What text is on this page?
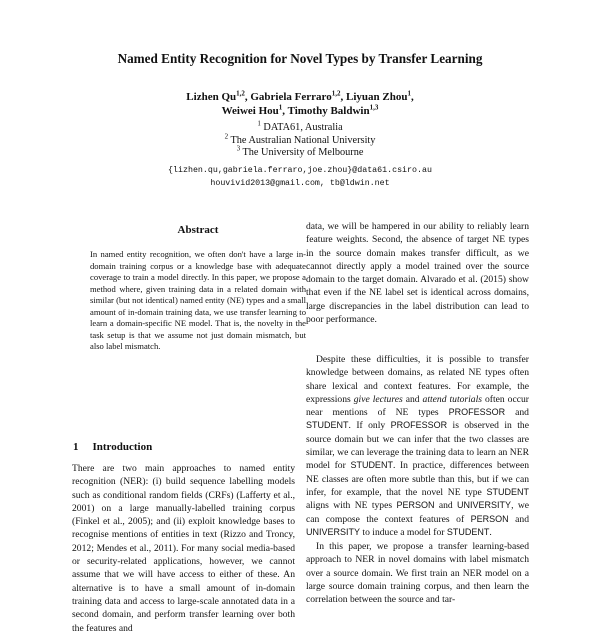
Named Entity Recognition for Novel Types by Transfer Learning
Lizhen Qu$^{1,2}$, Gabriela Ferraro$^{1,2}$, Liyuan Zhou$^1$,
Weiwei Hou$^1$, Timothy Baldwin$^{1,3}$
$^1$ DATA61, Australia
$^2$ The Australian National University
$^3$ The University of Melbourne
{lizhen.qu,gabriela.ferraro,joe.zhou}@data61.csiro.au
houvivid2013@gmail.com, tb@ldwin.net
Abstract
In named entity recognition, we often don't have a large in-domain training corpus or a knowledge base with adequate coverage to train a model directly. In this paper, we propose a method where, given training data in a related domain with similar (but not identical) named entity (NE) types and a small amount of in-domain training data, we use transfer learning to learn a domain-specific NE model. That is, the novelty in the task setup is that we assume not just domain mismatch, but also label mismatch.
1 Introduction
There are two main approaches to named entity recognition (NER): (i) build sequence labelling models such as conditional random fields (CRFs) (Lafferty et al., 2001) on a large manually-labelled training corpus (Finkel et al., 2005); and (ii) exploit knowledge bases to recognise mentions of entities in text (Rizzo and Troncy, 2012; Mendes et al., 2011). For many social media-based or security-related applications, however, we cannot assume that we will have access to either of these. An alternative is to have a small amount of in-domain training data and access to large-scale annotated data in a second domain, and perform transfer learning over both the features and
data, we will be hampered in our ability to reliably learn feature weights. Second, the absence of target NE types in the source domain makes transfer difficult, as we cannot directly apply a model trained over the source domain to the target domain. Alvarado et al. (2015) show that even if the NE label set is identical across domains, large discrepancies in the label distribution can lead to poor performance.
Despite these difficulties, it is possible to transfer knowledge between domains, as related NE types often share lexical and context features. For example, the expressions give lectures and attend tutorials often occur near mentions of NE types PROFESSOR and STUDENT. If only PROFESSOR is observed in the source domain but we can infer that the two classes are similar, we can leverage the training data to learn an NER model for STUDENT. In practice, differences between NE classes are often more subtle than this, but if we can infer, for example, that the novel NE type STUDENT aligns with NE types PERSON and UNIVERSITY, we can compose the context features of PERSON and UNIVERSITY to induce a model for STUDENT.
In this paper, we propose a transfer learning-based approach to NER in novel domains with label mismatch over a source domain. We first train an NER model on a large source domain training corpus, and then learn the correlation between the source and tar-
